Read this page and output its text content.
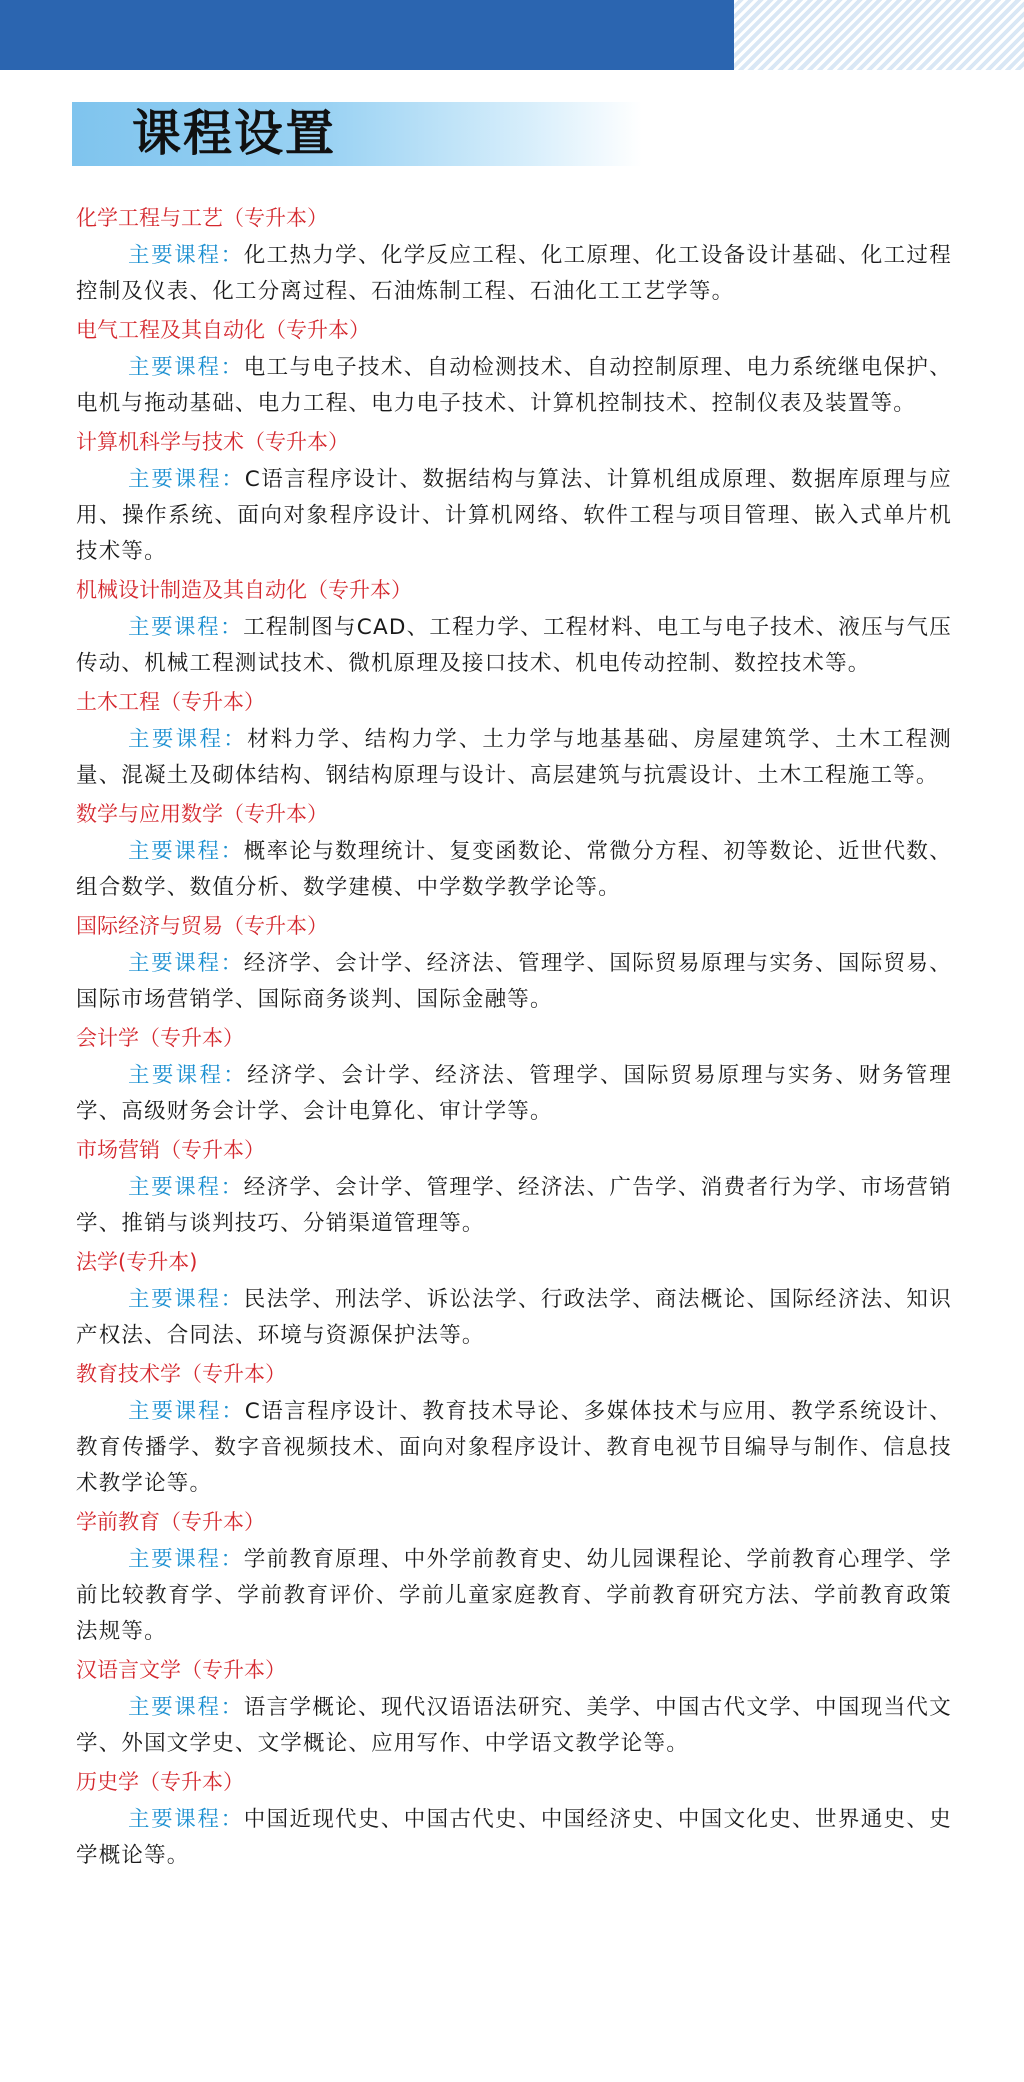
课程设置
化学工程与工艺（专升本）
主要课程：化工热力学、化学反应工程、化工原理、化工设备设计基础、化工过程控制及仪表、化工分离过程、石油炼制工程、石油化工工艺学等。
电气工程及其自动化（专升本）
主要课程：电工与电子技术、自动检测技术、自动控制原理、电力系统继电保护、电机与拖动基础、电力工程、电力电子技术、计算机控制技术、控制仪表及装置等。
计算机科学与技术（专升本）
主要课程：C语言程序设计、数据结构与算法、计算机组成原理、数据库原理与应用、操作系统、面向对象程序设计、计算机网络、软件工程与项目管理、嵌入式单片机技术等。
机械设计制造及其自动化（专升本）
主要课程：工程制图与CAD、工程力学、工程材料、电工与电子技术、液压与气压传动、机械工程测试技术、微机原理及接口技术、机电传动控制、数控技术等。
土木工程（专升本）
主要课程：材料力学、结构力学、土力学与地基基础、房屋建筑学、土木工程测量、混凝土及砌体结构、钢结构原理与设计、高层建筑与抗震设计、土木工程施工等。
数学与应用数学（专升本）
主要课程：概率论与数理统计、复变函数论、常微分方程、初等数论、近世代数、组合数学、数值分析、数学建模、中学数学教学论等。
国际经济与贸易（专升本）
主要课程：经济学、会计学、经济法、管理学、国际贸易原理与实务、国际贸易、国际市场营销学、国际商务谈判、国际金融等。
会计学（专升本）
主要课程：经济学、会计学、经济法、管理学、国际贸易原理与实务、财务管理学、高级财务会计学、会计电算化、审计学等。
市场营销（专升本）
主要课程：经济学、会计学、管理学、经济法、广告学、消费者行为学、市场营销学、推销与谈判技巧、分销渠道管理等。
法学(专升本)
主要课程：民法学、刑法学、诉讼法学、行政法学、商法概论、国际经济法、知识产权法、合同法、环境与资源保护法等。
教育技术学（专升本）
主要课程：C语言程序设计、教育技术导论、多媒体技术与应用、教学系统设计、教育传播学、数字音视频技术、面向对象程序设计、教育电视节目编导与制作、信息技术教学论等。
学前教育（专升本）
主要课程：学前教育原理、中外学前教育史、幼儿园课程论、学前教育心理学、学前比较教育学、学前教育评价、学前儿童家庭教育、学前教育研究方法、学前教育政策法规等。
汉语言文学（专升本）
主要课程：语言学概论、现代汉语语法研究、美学、中国古代文学、中国现当代文学、外国文学史、文学概论、应用写作、中学语文教学论等。
历史学（专升本）
主要课程：中国近现代史、中国古代史、中国经济史、中国文化史、世界通史、史学概论等。
